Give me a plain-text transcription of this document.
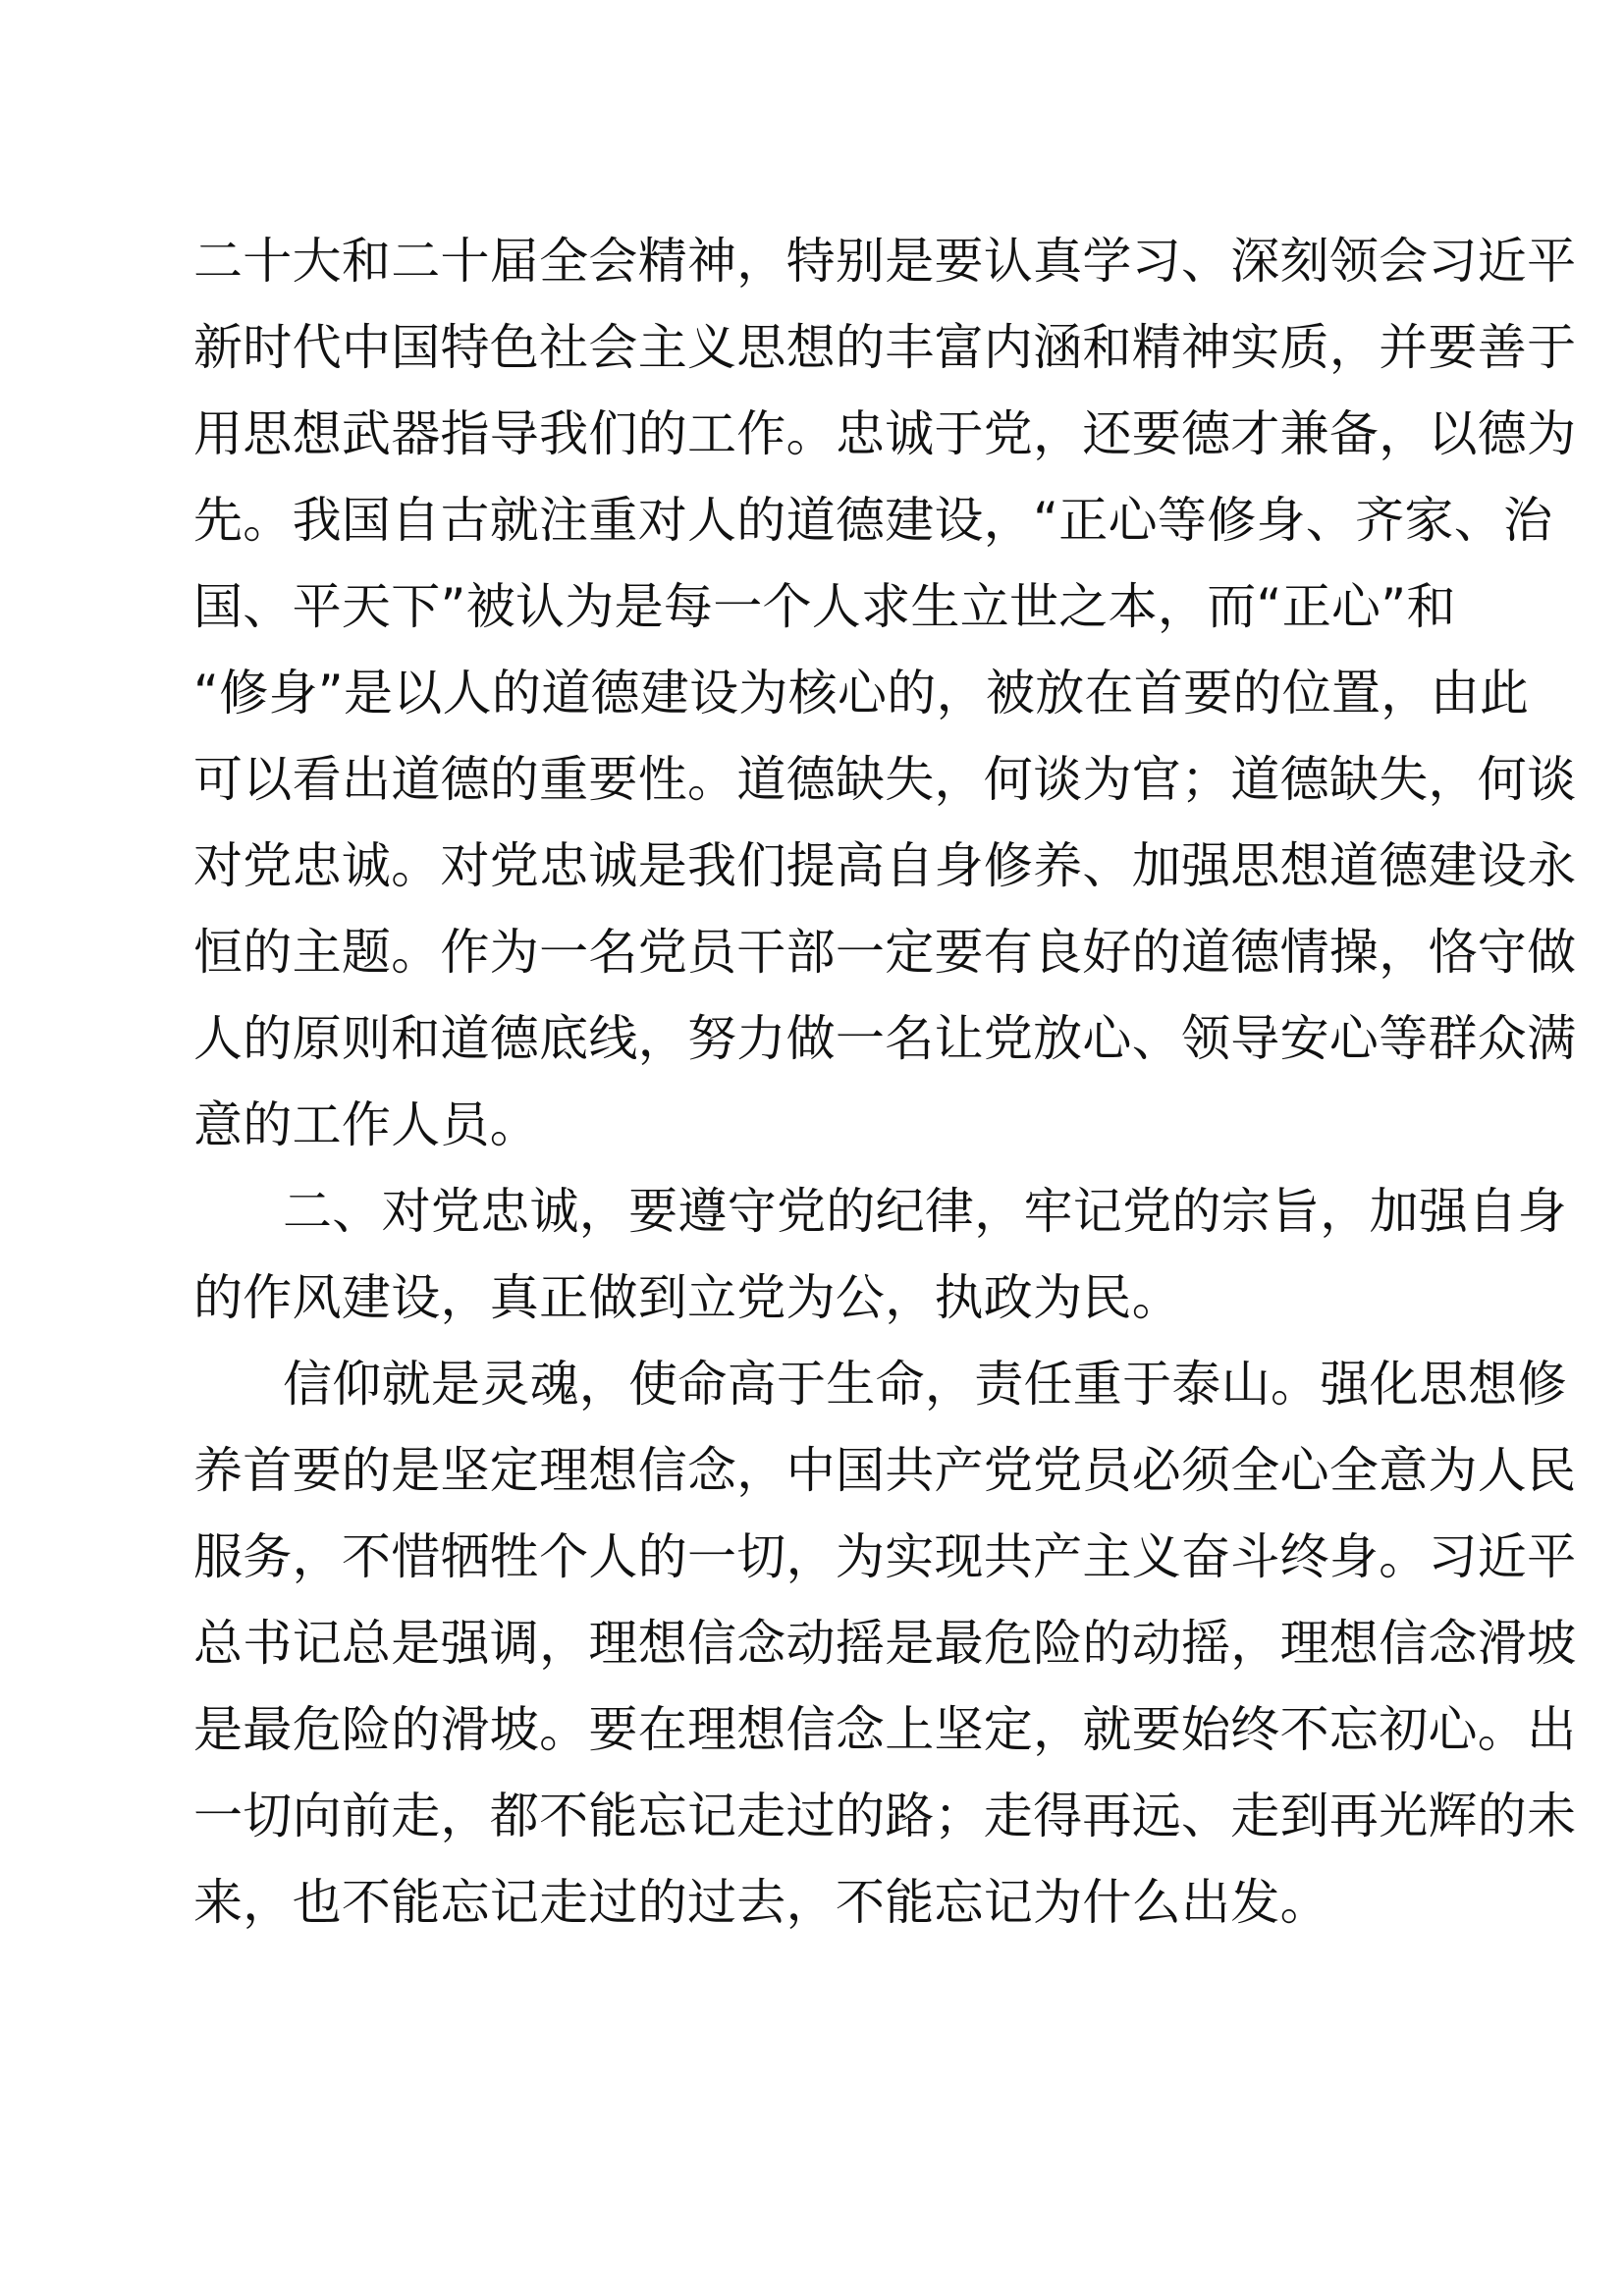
二十大和二十届全会精神，特别是要认真学习、深刻领会习近平
新时代中国特色社会主义思想的丰富内涵和精神实质，并要善于
用思想武器指导我们的工作。忠诚于党，还要德才兼备，以德为
先。我国自古就注重对人的道德建设，“正心等修身、齐家、治
国、平天下”被认为是每一个人求生立世之本，而“正心”和
“修身”是以人的道德建设为核心的，被放在首要的位置，由此
可以看出道德的重要性。道德缺失，何谈为官；道德缺失，何谈
对党忠诚。对党忠诚是我们提高自身修养、加强思想道德建设永
恒的主题。作为一名党员干部一定要有良好的道德情操，恪守做
人的原则和道德底线，努力做一名让党放心、领导安心等群众满
意的工作人员。
二、对党忠诚，要遵守党的纪律，牢记党的宗旨，加强自身
的作风建设，真正做到立党为公，执政为民。
信仰就是灵魂，使命高于生命，责任重于泰山。强化思想修
养首要的是坚定理想信念，中国共产党党员必须全心全意为人民
服务，不惜牺牲个人的一切，为实现共产主义奋斗终身。习近平
总书记总是强调，理想信念动摇是最危险的动摇，理想信念滑坡
是最危险的滑坡。要在理想信念上坚定，就要始终不忘初心。出
一切向前走，都不能忘记走过的路；走得再远、走到再光辉的未
来，也不能忘记走过的过去，不能忘记为什么出发。
